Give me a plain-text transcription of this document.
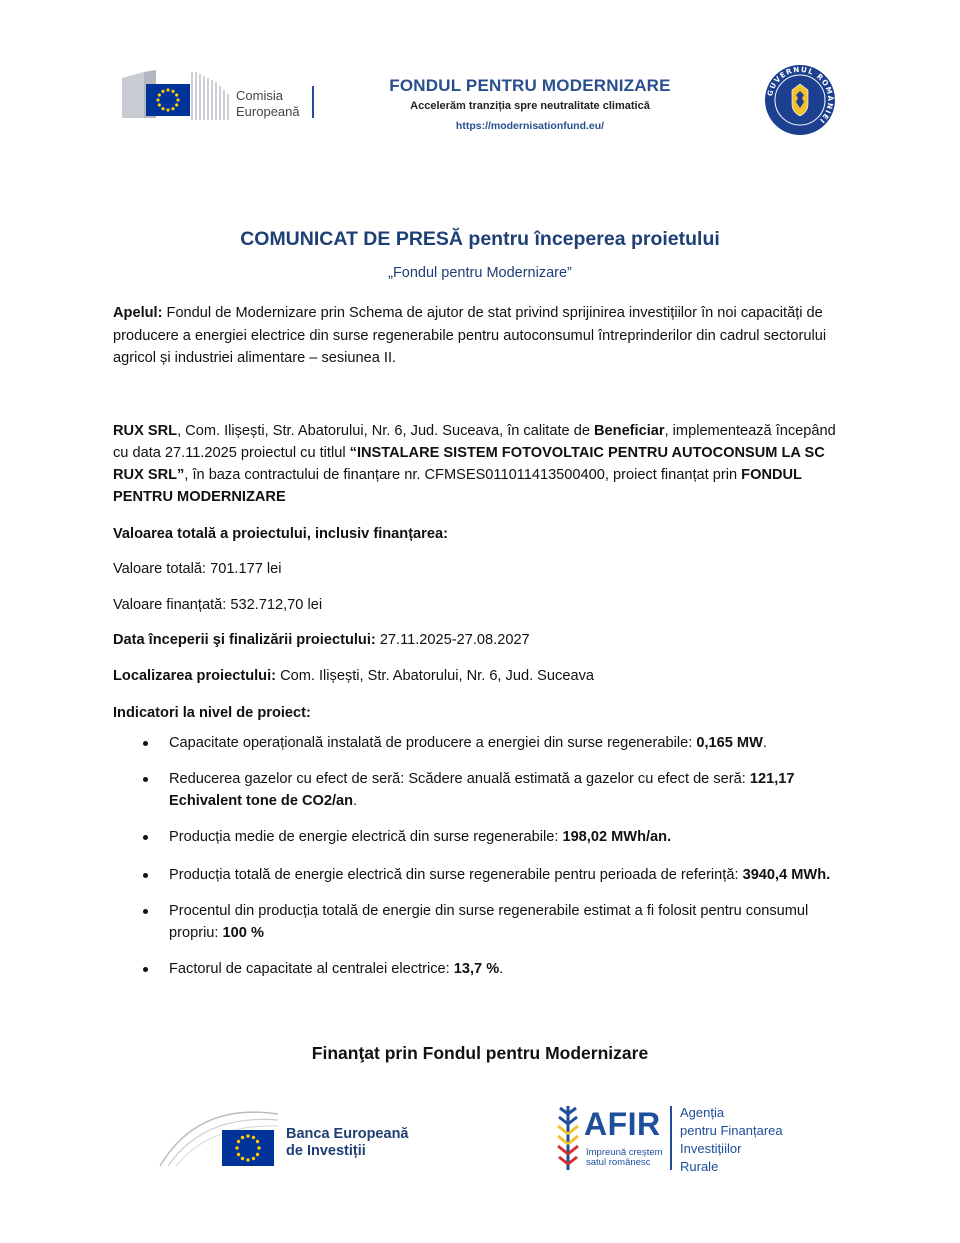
Comisia
Europeană
FONDUL PENTRU MODERNIZARE
Accelerăm tranziția spre neutralitate climatică
https://modernisationfund.eu/
GUVERNUL ROMÂNIEI
COMUNICAT DE PRESĂ pentru începerea proietului
„Fondul pentru Modernizare”
Apelul: Fondul de Modernizare prin Schema de ajutor de stat privind sprijinirea investițiilor în noi capacități de producere a energiei electrice din surse regenerabile pentru autoconsumul întreprinderilor din cadrul sectorului agricol și industriei alimentare – sesiunea II.
RUX SRL, Com. Ilișești, Str. Abatorului, Nr. 6, Jud. Suceava, în calitate de Beneficiar, implementează începând cu data 27.11.2025 proiectul cu titlul “INSTALARE SISTEM FOTOVOLTAIC PENTRU AUTOCONSUM LA SC RUX SRL”, în baza contractului de finanțare nr. CFMSES011011413500400, proiect finanțat prin FONDUL PENTRU MODERNIZARE
Valoarea totală a proiectului, inclusiv finanțarea:
Valoare totală: 701.177 lei
Valoare finanțată: 532.712,70 lei
Data începerii şi finalizării proiectului: 27.11.2025-27.08.2027
Localizarea proiectului: Com. Ilișești, Str. Abatorului, Nr. 6, Jud. Suceava
Indicatori la nivel de proiect:
Capacitate operațională instalată de producere a energiei din surse regenerabile: 0,165 MW.
Reducerea gazelor cu efect de seră: Scădere anuală estimată a gazelor cu efect de seră: 121,17 Echivalent tone de CO2/an.
Producția medie de energie electrică din surse regenerabile: 198,02 MWh/an.
Producția totală de energie electrică din surse regenerabile pentru perioada de referință: 3940,4 MWh.
Procentul din producția totală de energie din surse regenerabile estimat a fi folosit pentru consumul propriu: 100 %
Factorul de capacitate al centralei electrice: 13,7 %.
Finanţat prin Fondul pentru Modernizare
Banca Europeană
de Investiții
AFIR
împreună creștem
satul românesc
Agenția
pentru Finanțarea
Investițiilor
Rurale
